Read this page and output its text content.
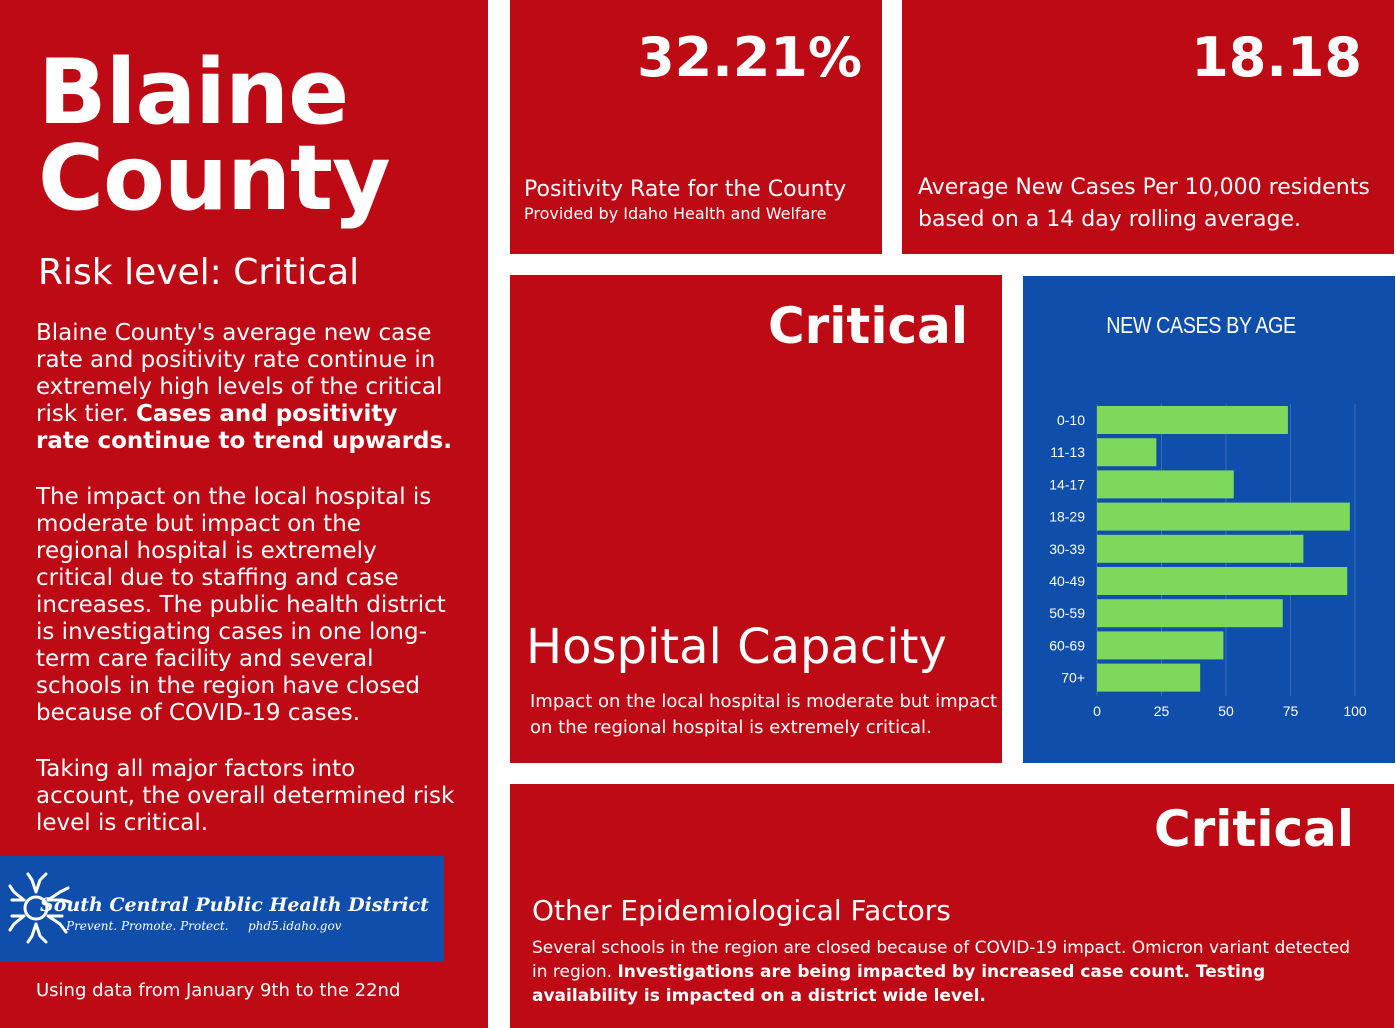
Blaine
County

Risk level: Critical

Blaine County's average new case rate and positivity rate continue in extremely high levels of the critical risk tier. Cases and positivity rate continue to trend upwards.

The impact on the local hospital is moderate but impact on the regional hospital is extremely critical due to staffing and case increases. The public health district is investigating cases in one long-term care facility and several schools in the region have closed because of COVID-19 cases.

Taking all major factors into account, the overall determined risk level is critical.

South Central Public Health District
Prevent. Promote. Protect. phd5.idaho.gov

Using data from January 9th to the 22nd

32.21%

Positivity Rate for the County

Provided by Idaho Health and Welfare

18.18

Average New Cases Per 10,000 residents
based on a 14 day rolling average.

Critical

Hospital Capacity

Impact on the local hospital is moderate but impact on the regional hospital is extremely critical.

NEW CASES BY AGE
0	25	50	75	100
0-10
11-13
14-17
18-29
30-39
40-49
50-59
60-69
70+

Critical

Other Epidemiological Factors

Several schools in the region are closed because of COVID-19 impact. Omicron variant detected in region. Investigations are being impacted by increased case count. Testing availability is impacted on a district wide level.
